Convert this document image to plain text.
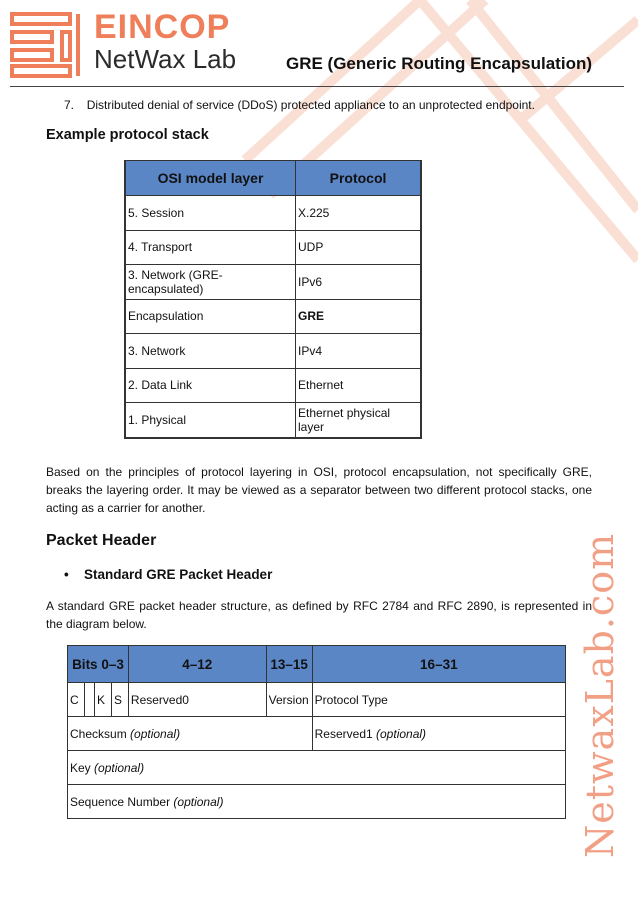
EINCOP
NetWax Lab	GRE (Generic Routing Encapsulation)
7. Distributed denial of service (DDoS) protected appliance to an unprotected endpoint.
Example protocol stack
OSI model layer	Protocol
5. Session	X.225
4. Transport	UDP
3. Network (GRE-encapsulated)	IPv6
Encapsulation	GRE
3. Network	IPv4
2. Data Link	Ethernet
1. Physical	Ethernet physical layer
Based on the principles of protocol layering in OSI, protocol encapsulation, not specifically GRE, breaks the layering order. It may be viewed as a separator between two different protocol stacks, one acting as a carrier for another.
Packet Header
• Standard GRE Packet Header
A standard GRE packet header structure, as defined by RFC 2784 and RFC 2890, is represented in the diagram below.
Bits 0–3				4–12	13–15	16–31
C		K	S	Reserved0	Version	Protocol Type
Checksum (optional)						Reserved1 (optional)
Key (optional)						
Sequence Number (optional)							NetwaxLab.com
